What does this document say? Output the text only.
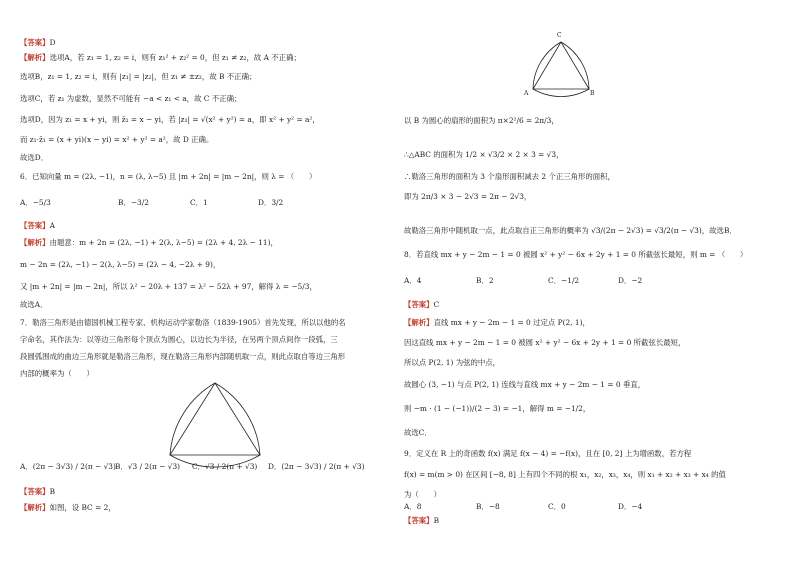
【答案】D
【解析】选项A，若 z₁ = 1, z₂ = i，则有 z₁² + z₂² = 0，但 z₁ ≠ z₂，故 A 不正确；
选项B，z₁ = 1, z₂ = i，则有 |z₁| = |z₂|，但 z₁ ≠ ±z₂，故 B 不正确；
选项C，若 z₁ 为虚数，显然不可能有 −a < z₁ < a，故 C 不正确；
选项D，因为 z₁ = x + yi，则 z̄₁ = x − yi，若 |z₁| = √(x² + y²) = a，即 x² + y² = a²，
而 z₁·z̄₁ = (x + yi)(x − yi) = x² + y² = a²，故 D 正确。
故选D．
6．已知向量 m = (2λ, −1)，n = (λ, λ−5) 且 |m + 2n| = |m − 2n|，则 λ = （　　）
A．−5/3	B．−3/2	C．1	D．3/2
【答案】A
【解析】由题意：m + 2n = (2λ, −1) + 2(λ, λ−5) = (2λ + 4, 2λ − 11)，
m − 2n = (2λ, −1) − 2(λ, λ−5) = (2λ − 4, −2λ + 9)，
又 |m + 2n| = |m − 2n|，所以 λ² − 20λ + 137 = λ² − 52λ + 97，解得 λ = −5/3，
故选A．
7．勒洛三角形是由德国机械工程专家、机构运动学家勒洛（1839-1905）首先发现，所以以他的名
字命名，其作法为：以等边三角形每个顶点为圆心，以边长为半径，在另两个顶点间作一段弧，三
段圆弧围成的曲边三角形就是勒洛三角形，现在勒洛三角形内部随机取一点，则此点取自等边三角形
内部的概率为（　　）
A．(2π − 3√3) / 2(π − √3) B．√3 / 2(π − √3) C．√3 / 2(π + √3) D．(2π − 3√3) / 2(π + √3)
【答案】B
【解析】如图，设 BC = 2，
C
A	B
以 B 为圆心的扇形的面积为 π×2²/6 = 2π/3，
∴△ABC 的面积为 1/2 × √3/2 × 2 × 3 = √3，
∴勒洛三角形的面积为 3 个扇形面积减去 2 个正三角形的面积，
即为 2π/3 × 3 − 2√3 = 2π − 2√3，
故勒洛三角形中随机取一点，此点取自正三角形的概率为 √3/(2π − 2√3) = √3/2(π − √3)，故选B．
8．若直线 mx + y − 2m − 1 = 0 被圆 x² + y² − 6x + 2y + 1 = 0 所截弦长最短，则 m = （　　）
A．4	B．2	C．−1/2	D．−2
【答案】C
【解析】直线 mx + y − 2m − 1 = 0 过定点 P(2, 1)，
因这直线 mx + y − 2m − 1 = 0 被圆 x² + y² − 6x + 2y + 1 = 0 所截弦长最短，
所以点 P(2, 1) 为弦的中点，
故圆心 (3, −1) 与点 P(2, 1) 连线与直线 mx + y − 2m − 1 = 0 垂直，
则 −m · (1 − (−1))/(2 − 3) = −1，解得 m = −1/2，
故选C．
9．定义在 R 上的奇函数 f(x) 满足 f(x − 4) = −f(x)，且在 [0, 2] 上为增函数，若方程
f(x) = m(m > 0) 在区间 [−8, 8] 上有四个不同的根 x₁，x₂，x₃，x₄，则 x₁ + x₂ + x₃ + x₄ 的值
为（　　）
A．8	B．−8	C．0	D．−4
【答案】B
